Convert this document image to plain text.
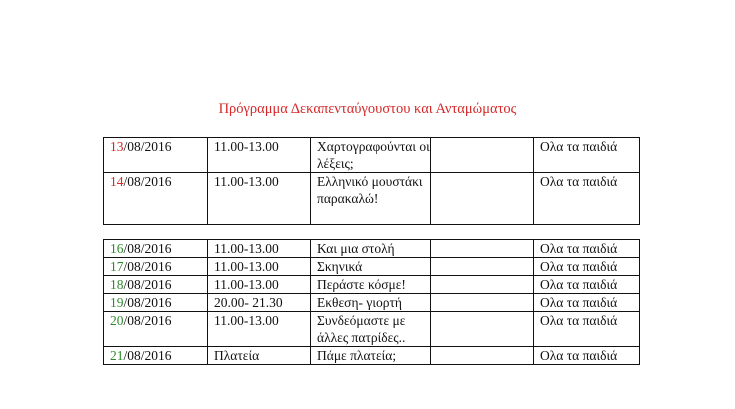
Πρόγραμμα Δεκαπενταύγουστου και Ανταμώματος
13/08/2016	11.00-13.00	Χαρτογραφούνται οι λέξεις;		Ολα τα παιδιά
14/08/2016	11.00-13.00	Ελληνικό μουστάκι παρακαλώ!		Ολα τα παιδιά
16/08/2016	11.00-13.00	Και μια στολή		Ολα τα παιδιά
17/08/2016	11.00-13.00	Σκηνικά		Ολα τα παιδιά
18/08/2016	11.00-13.00	Περάστε κόσμε!		Ολα τα παιδιά
19/08/2016	20.00- 21.30	Εκθεση- γιορτή		Ολα τα παιδιά
20/08/2016	11.00-13.00	Συνδεόμαστε με άλλες πατρίδες..		Ολα τα παιδιά
21/08/2016	Πλατεία	Πάμε πλατεία;		Ολα τα παιδιά
